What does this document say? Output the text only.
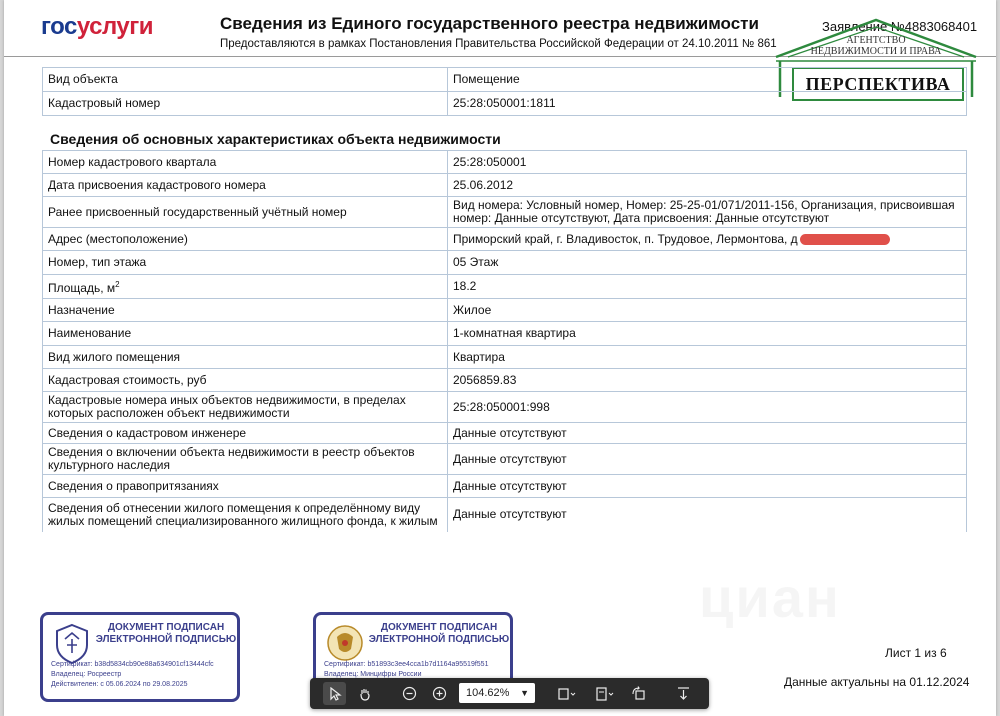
госуслуги	Сведения из Единого государственного реестра недвижимости
Предоставляются в рамках Постановления Правительства Российской Федерации от 24.10.2011 № 861
Заявление №4883068401
АГЕНТСТВО
НЕДВИЖИМОСТИ И ПРАВА
ПЕРСПЕКТИВА
Вид объекта	Помещение
Кадастровый номер	25:28:050001:1811
Сведения об основных характеристиках объекта недвижимости
Номер кадастрового квартала	25:28:050001
Дата присвоения кадастрового номера	25.06.2012
Ранее присвоенный государственный учётный номер	Вид номера: Условный номер, Номер: 25-25-01/071/2011-156, Организация, присвоившая номер: Данные отсутствуют, Дата присвоения: Данные отсутствуют
Адрес (местоположение)	Приморский край, г. Владивосток, п. Трудовое, Лермонтова, д
Номер, тип этажа	05 Этаж
Площадь, $м^2$	18.2
Назначение	Жилое
Наименование	1-комнатная квартира
Вид жилого помещения	Квартира
Кадастровая стоимость, руб	2056859.83
Кадастровые номера иных объектов недвижимости, в пределах которых расположен объект недвижимости	25:28:050001:998
Сведения о кадастровом инженере	Данные отсутствуют
Сведения о включении объекта недвижимости в реестр объектов культурного наследия	Данные отсутствуют
Сведения о правопритязаниях	Данные отсутствуют
Сведения об отнесении жилого помещения к определённому виду жилых помещений специализированного жилищного фонда, к жилым	Данные отсутствуют
ДОКУМЕНТ ПОДПИСАН ЭЛЕКТРОННОЙ ПОДПИСЬЮ
Сертификат: b38d5834cb90e88a634901cf13444cfc
Владелец: Росреестр
Действителен: с 05.06.2024 по 29.08.2025
ДОКУМЕНТ ПОДПИСАН ЭЛЕКТРОННОЙ ПОДПИСЬЮ
Сертификат: b51893c3ee4cca1b7d1164a95519f551
Владелец: Минцифры России
Лист 1 из 6
Данные актуальны на 01.12.2024
104.62% ▼
